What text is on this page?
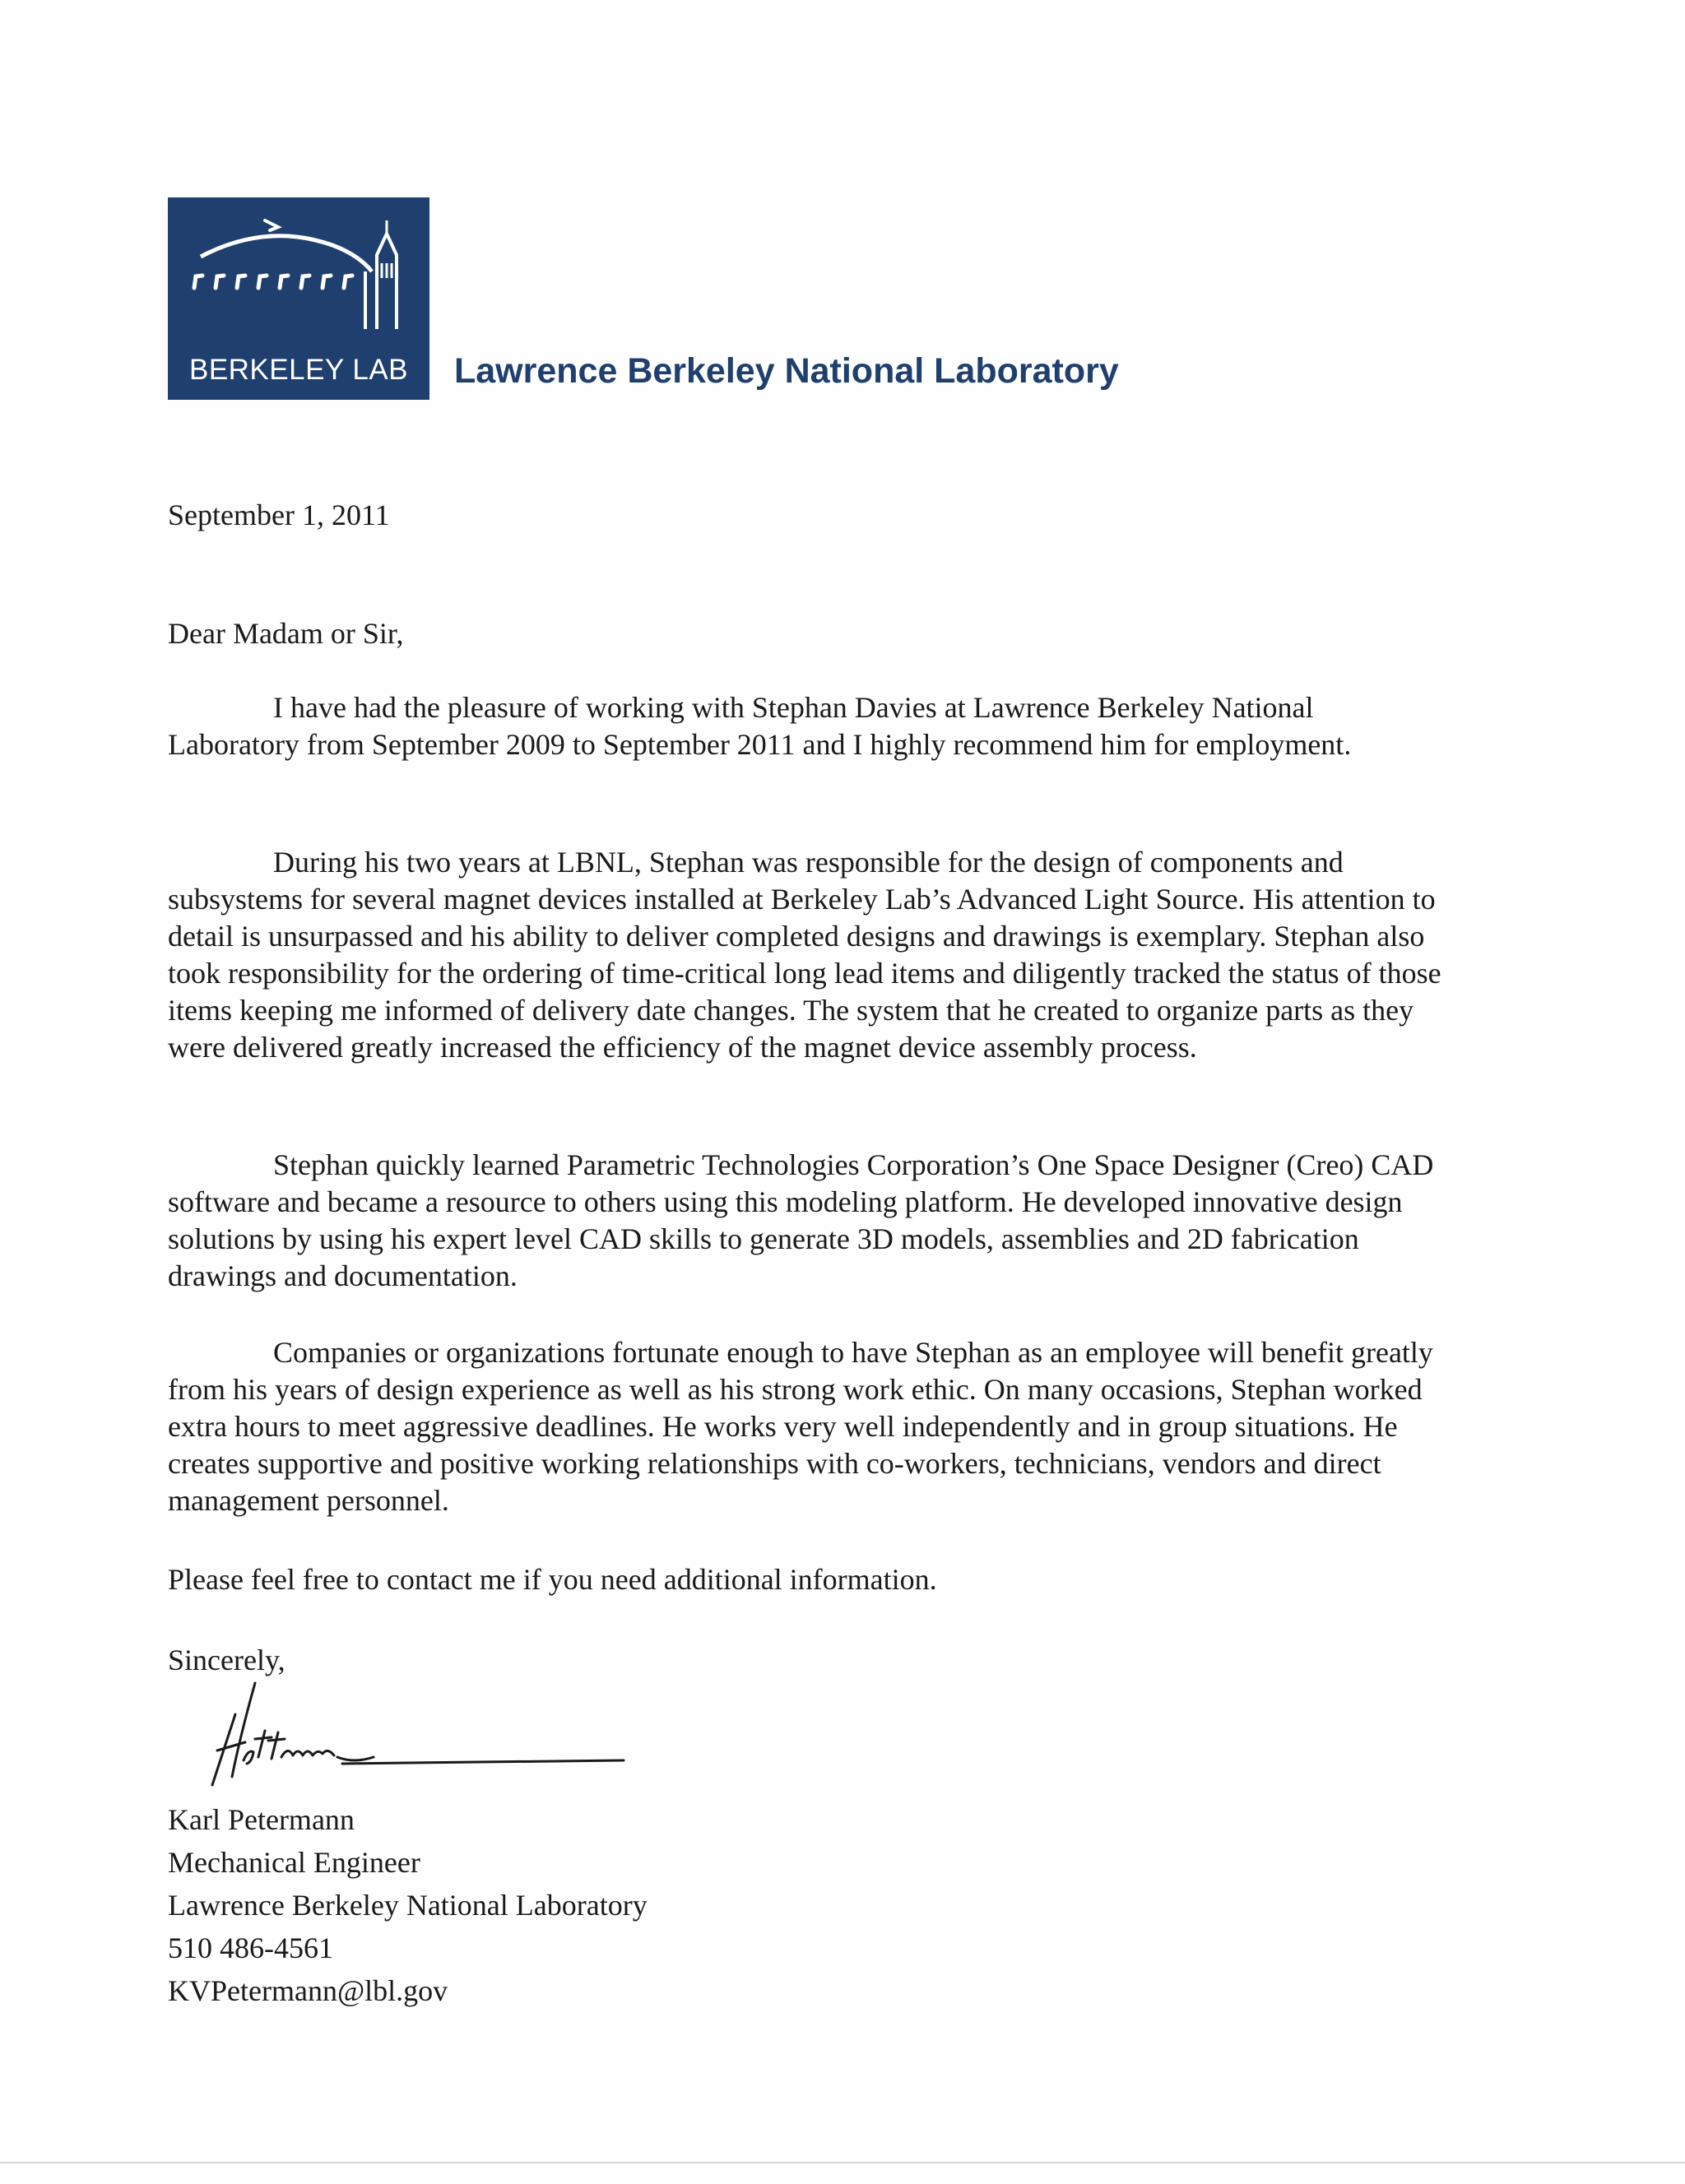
BERKELEY LAB	Lawrence Berkeley National Laboratory
September 1, 2011
Dear Madam or Sir,
I have had the pleasure of working with Stephan Davies at Lawrence Berkeley National Laboratory from September 2009 to September 2011 and I highly recommend him for employment.
During his two years at LBNL, Stephan was responsible for the design of components and subsystems for several magnet devices installed at Berkeley Lab’s Advanced Light Source. His attention to detail is unsurpassed and his ability to deliver completed designs and drawings is exemplary. Stephan also took responsibility for the ordering of time-critical long lead items and diligently tracked the status of those items keeping me informed of delivery date changes. The system that he created to organize parts as they were delivered greatly increased the efficiency of the magnet device assembly process.
Stephan quickly learned Parametric Technologies Corporation’s One Space Designer (Creo) CAD software and became a resource to others using this modeling platform. He developed innovative design solutions by using his expert level CAD skills to generate 3D models, assemblies and 2D fabrication drawings and documentation.
Companies or organizations fortunate enough to have Stephan as an employee will benefit greatly from his years of design experience as well as his strong work ethic. On many occasions, Stephan worked extra hours to meet aggressive deadlines. He works very well independently and in group situations. He creates supportive and positive working relationships with co-workers, technicians, vendors and direct management personnel.
Please feel free to contact me if you need additional information.
Sincerely,
Karl Petermann
Mechanical Engineer
Lawrence Berkeley National Laboratory
510 486-4561
KVPetermann@lbl.gov
